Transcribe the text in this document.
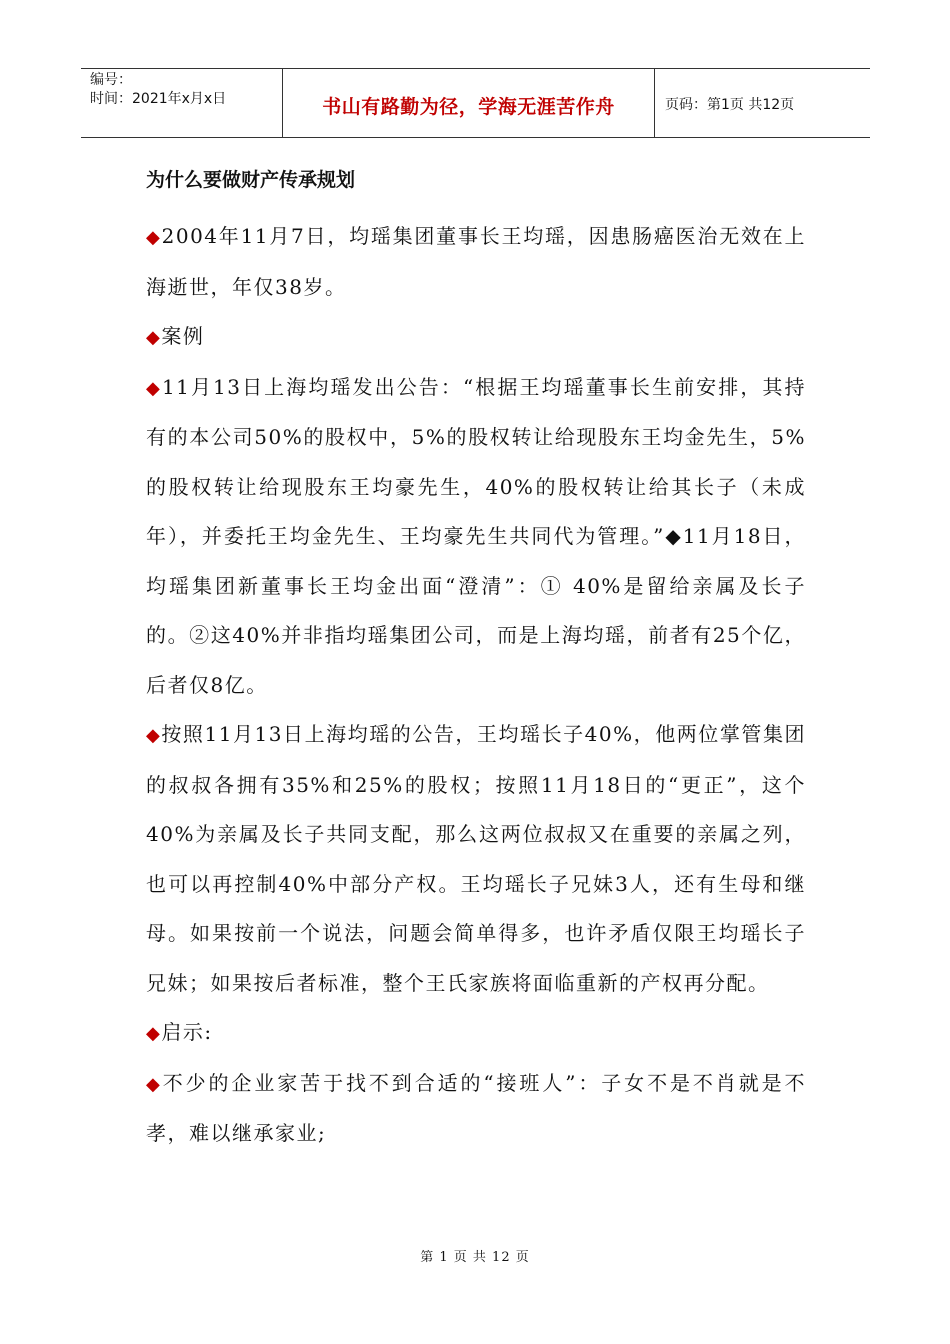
编号：
时间：2021年x月x日	书山有路勤为径，学海无涯苦作舟	页码：第1页 共12页
为什么要做财产传承规划

◆2004年11月7日，均瑶集团董事长王均瑶，因患肠癌医治无效在上海逝世，年仅38岁。

◆案例

◆11月13日上海均瑶发出公告：“根据王均瑶董事长生前安排，其持有的本公司50%的股权中，5%的股权转让给现股东王均金先生，5%的股权转让给现股东王均豪先生，40%的股权转让给其长子（未成年），并委托王均金先生、王均豪先生共同代为管理。”◆11月18日，均瑶集团新董事长王均金出面“澄清”：① 40%是留给亲属及长子的。②这40%并非指均瑶集团公司，而是上海均瑶，前者有25个亿，后者仅8亿。

◆按照11月13日上海均瑶的公告，王均瑶长子40%，他两位掌管集团的叔叔各拥有35%和25%的股权；按照11月18日的“更正”，这个40%为亲属及长子共同支配，那么这两位叔叔又在重要的亲属之列，也可以再控制40%中部分产权。王均瑶长子兄妹3人，还有生母和继母。如果按前一个说法，问题会简单得多，也许矛盾仅限王均瑶长子兄妹；如果按后者标准，整个王氏家族将面临重新的产权再分配。

◆启示:

◆不少的企业家苦于找不到合适的“接班人”：子女不是不肖就是不孝，难以继承家业;

第 1 页 共 12 页
